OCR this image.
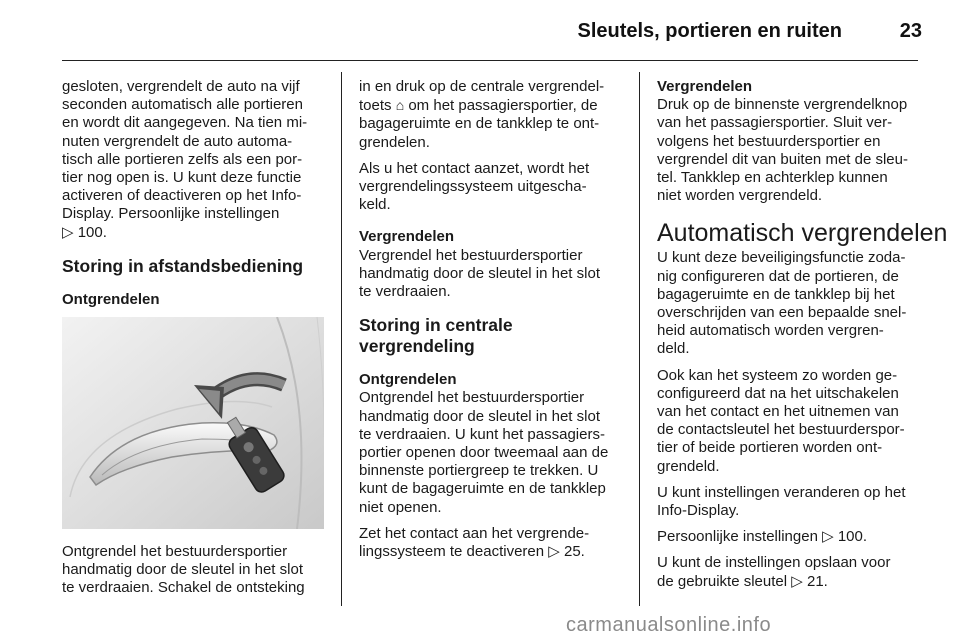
Sleutels, portieren en ruiten	23

gesloten, vergrendelt de auto na vijf
seconden automatisch alle portieren
en wordt dit aangegeven. Na tien mi-
nuten vergrendelt de auto automa-
tisch alle portieren zelfs als een por-
tier nog open is. U kunt deze functie
activeren of deactiveren op het Info-
Display. Persoonlijke instellingen
▷ 100.

Storing in afstandsbediening
Ontgrendelen

Ontgrendel het bestuurdersportier
handmatig door de sleutel in het slot
te verdraaien. Schakel de ontsteking

in en druk op de centrale vergrendel-
toets ⌂ om het passagiersportier, de
bagageruimte en de tankklep te ont-
grendelen.

Als u het contact aanzet, wordt het
vergrendelingssysteem uitgescha-
keld.

Vergrendelen

Vergrendel het bestuurdersportier
handmatig door de sleutel in het slot
te verdraaien.

Storing in centrale
vergrendeling
Ontgrendelen

Ontgrendel het bestuurdersportier
handmatig door de sleutel in het slot
te verdraaien. U kunt het passagiers-
portier openen door tweemaal aan de
binnenste portiergreep te trekken. U
kunt de bagageruimte en de tankklep
niet openen.

Zet het contact aan het vergrende-
lingssysteem te deactiveren ▷ 25.

Vergrendelen

Druk op de binnenste vergrendelknop
van het passagiersportier. Sluit ver-
volgens het bestuurdersportier en
vergrendel dit van buiten met de sleu-
tel. Tankklep en achterklep kunnen
niet worden vergrendeld.

Automatisch vergrendelen

U kunt deze beveiligingsfunctie zoda-
nig configureren dat de portieren, de
bagageruimte en de tankklep bij het
overschrijden van een bepaalde snel-
heid automatisch worden vergren-
deld.

Ook kan het systeem zo worden ge-
configureerd dat na het uitschakelen
van het contact en het uitnemen van
de contactsleutel het bestuurderspor-
tier of beide portieren worden ont-
grendeld.

U kunt instellingen veranderen op het
Info-Display.

Persoonlijke instellingen ▷ 100.

U kunt de instellingen opslaan voor
de gebruikte sleutel ▷ 21.

carmanualsonline.info
